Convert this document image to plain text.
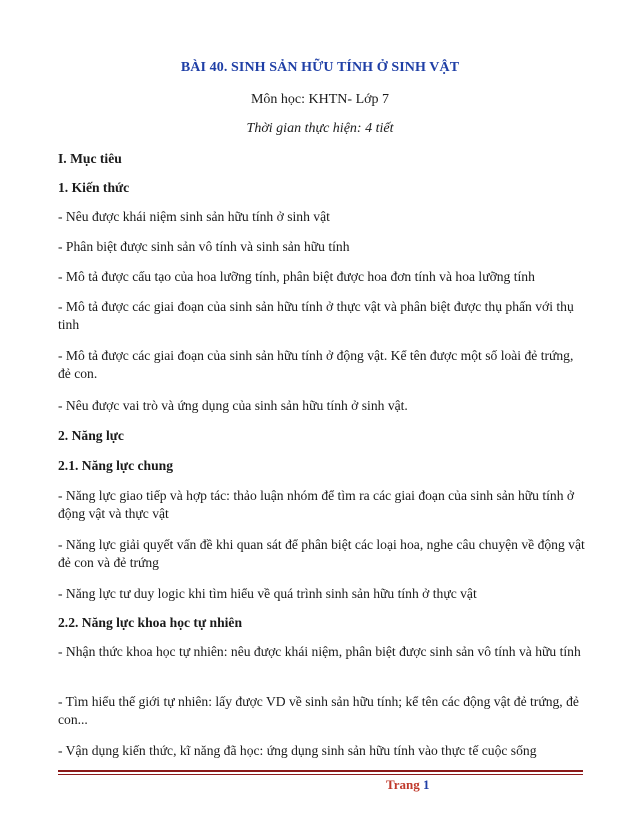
BÀI 40. SINH SẢN HỮU TÍNH Ở SINH VẬT
Môn học: KHTN- Lớp 7
Thời gian thực hiện: 4 tiết
I. Mục tiêu
1. Kiến thức
- Nêu được khái niệm sinh sản hữu tính ở sinh vật
- Phân biệt được sinh sản vô tính và sinh sản hữu tính
- Mô tả được cấu tạo của hoa lưỡng tính, phân biệt được hoa đơn tính và hoa lưỡng tính
- Mô tả được các giai đoạn của sinh sản hữu tính ở thực vật và phân biệt được thụ phấn với thụ tinh
- Mô tả được các giai đoạn của sinh sản hữu tính ở động vật. Kể tên được một số loài đẻ trứng, đẻ con.
- Nêu được vai trò và ứng dụng của sinh sản hữu tính ở sinh vật.
2. Năng lực
2.1. Năng lực chung
- Năng lực giao tiếp và hợp tác: thảo luận nhóm để tìm ra các giai đoạn của sinh sản hữu tính ở động vật và thực vật
- Năng lực giải quyết vấn đề khi quan sát để phân biệt các loại hoa, nghe câu chuyện về động vật đẻ con và đẻ trứng
- Năng lực tư duy logic khi tìm hiểu về quá trình sinh sản hữu tính ở thực vật
2.2. Năng lực khoa học tự nhiên
- Nhận thức khoa học tự nhiên: nêu được khái niệm, phân biệt được sinh sản vô tính và hữu tính
- Tìm hiểu thế giới tự nhiên: lấy được VD về sinh sản hữu tính; kể tên các động vật đẻ trứng, đẻ con...
- Vận dụng kiến thức, kĩ năng đã học: ứng dụng sinh sản hữu tính vào thực tế cuộc sống
Trang 1
